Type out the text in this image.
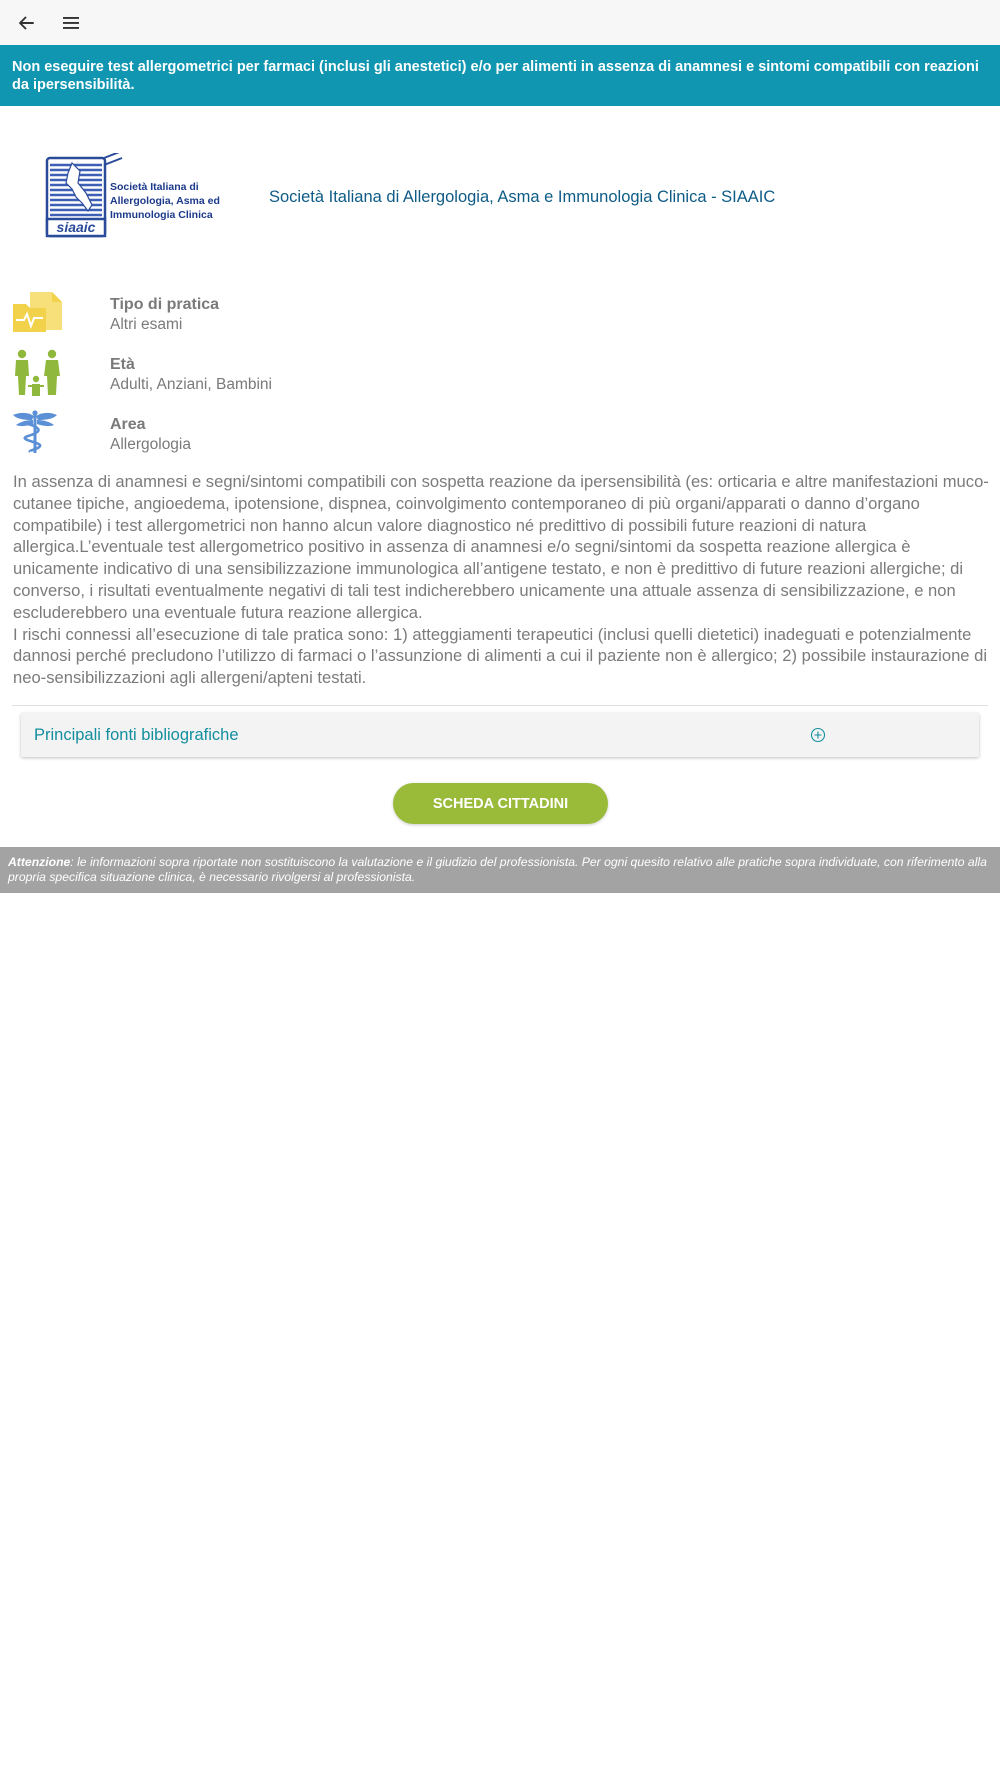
Non eseguire test allergometrici per farmaci (inclusi gli anestetici) e/o per alimenti in assenza di anamnesi e sintomi compatibili con reazioni da ipersensibilità.
siaaic
Società Italiana di
Allergologia, Asma ed
Immunologia Clinica
Società Italiana di Allergologia, Asma e Immunologia Clinica - SIAAIC
Tipo di pratica
Altri esami
Età
Adulti, Anziani, Bambini
Area
Allergologia

In assenza di anamnesi e segni/sintomi compatibili con sospetta reazione da ipersensibilità (es: orticaria e altre manifestazioni muco-cutanee tipiche, angioedema, ipotensione, dispnea, coinvolgimento contemporaneo di più organi/apparati o danno d’organo compatibile) i test allergometrici non hanno alcun valore diagnostico né predittivo di possibili future reazioni di natura allergica.L’eventuale test allergometrico positivo in assenza di anamnesi e/o segni/sintomi da sospetta reazione allergica è unicamente indicativo di una sensibilizzazione immunologica all’antigene testato, e non è predittivo di future reazioni allergiche; di converso, i risultati eventualmente negativi di tali test indicherebbero unicamente una attuale assenza di sensibilizzazione, e non escluderebbero una eventuale futura reazione allergica.

I rischi connessi all’esecuzione di tale pratica sono: 1) atteggiamenti terapeutici (inclusi quelli dietetici) inadeguati e potenzialmente dannosi perché precludono l’utilizzo di farmaci o l’assunzione di alimenti a cui il paziente non è allergico; 2) possibile instaurazione di neo-sensibilizzazioni agli allergeni/apteni testati.

Principali fonti bibliografiche
SCHEDA CITTADINI
Attenzione: le informazioni sopra riportate non sostituiscono la valutazione e il giudizio del professionista. Per ogni quesito relativo alle pratiche sopra individuate, con riferimento alla propria specifica situazione clinica, è necessario rivolgersi al professionista.
